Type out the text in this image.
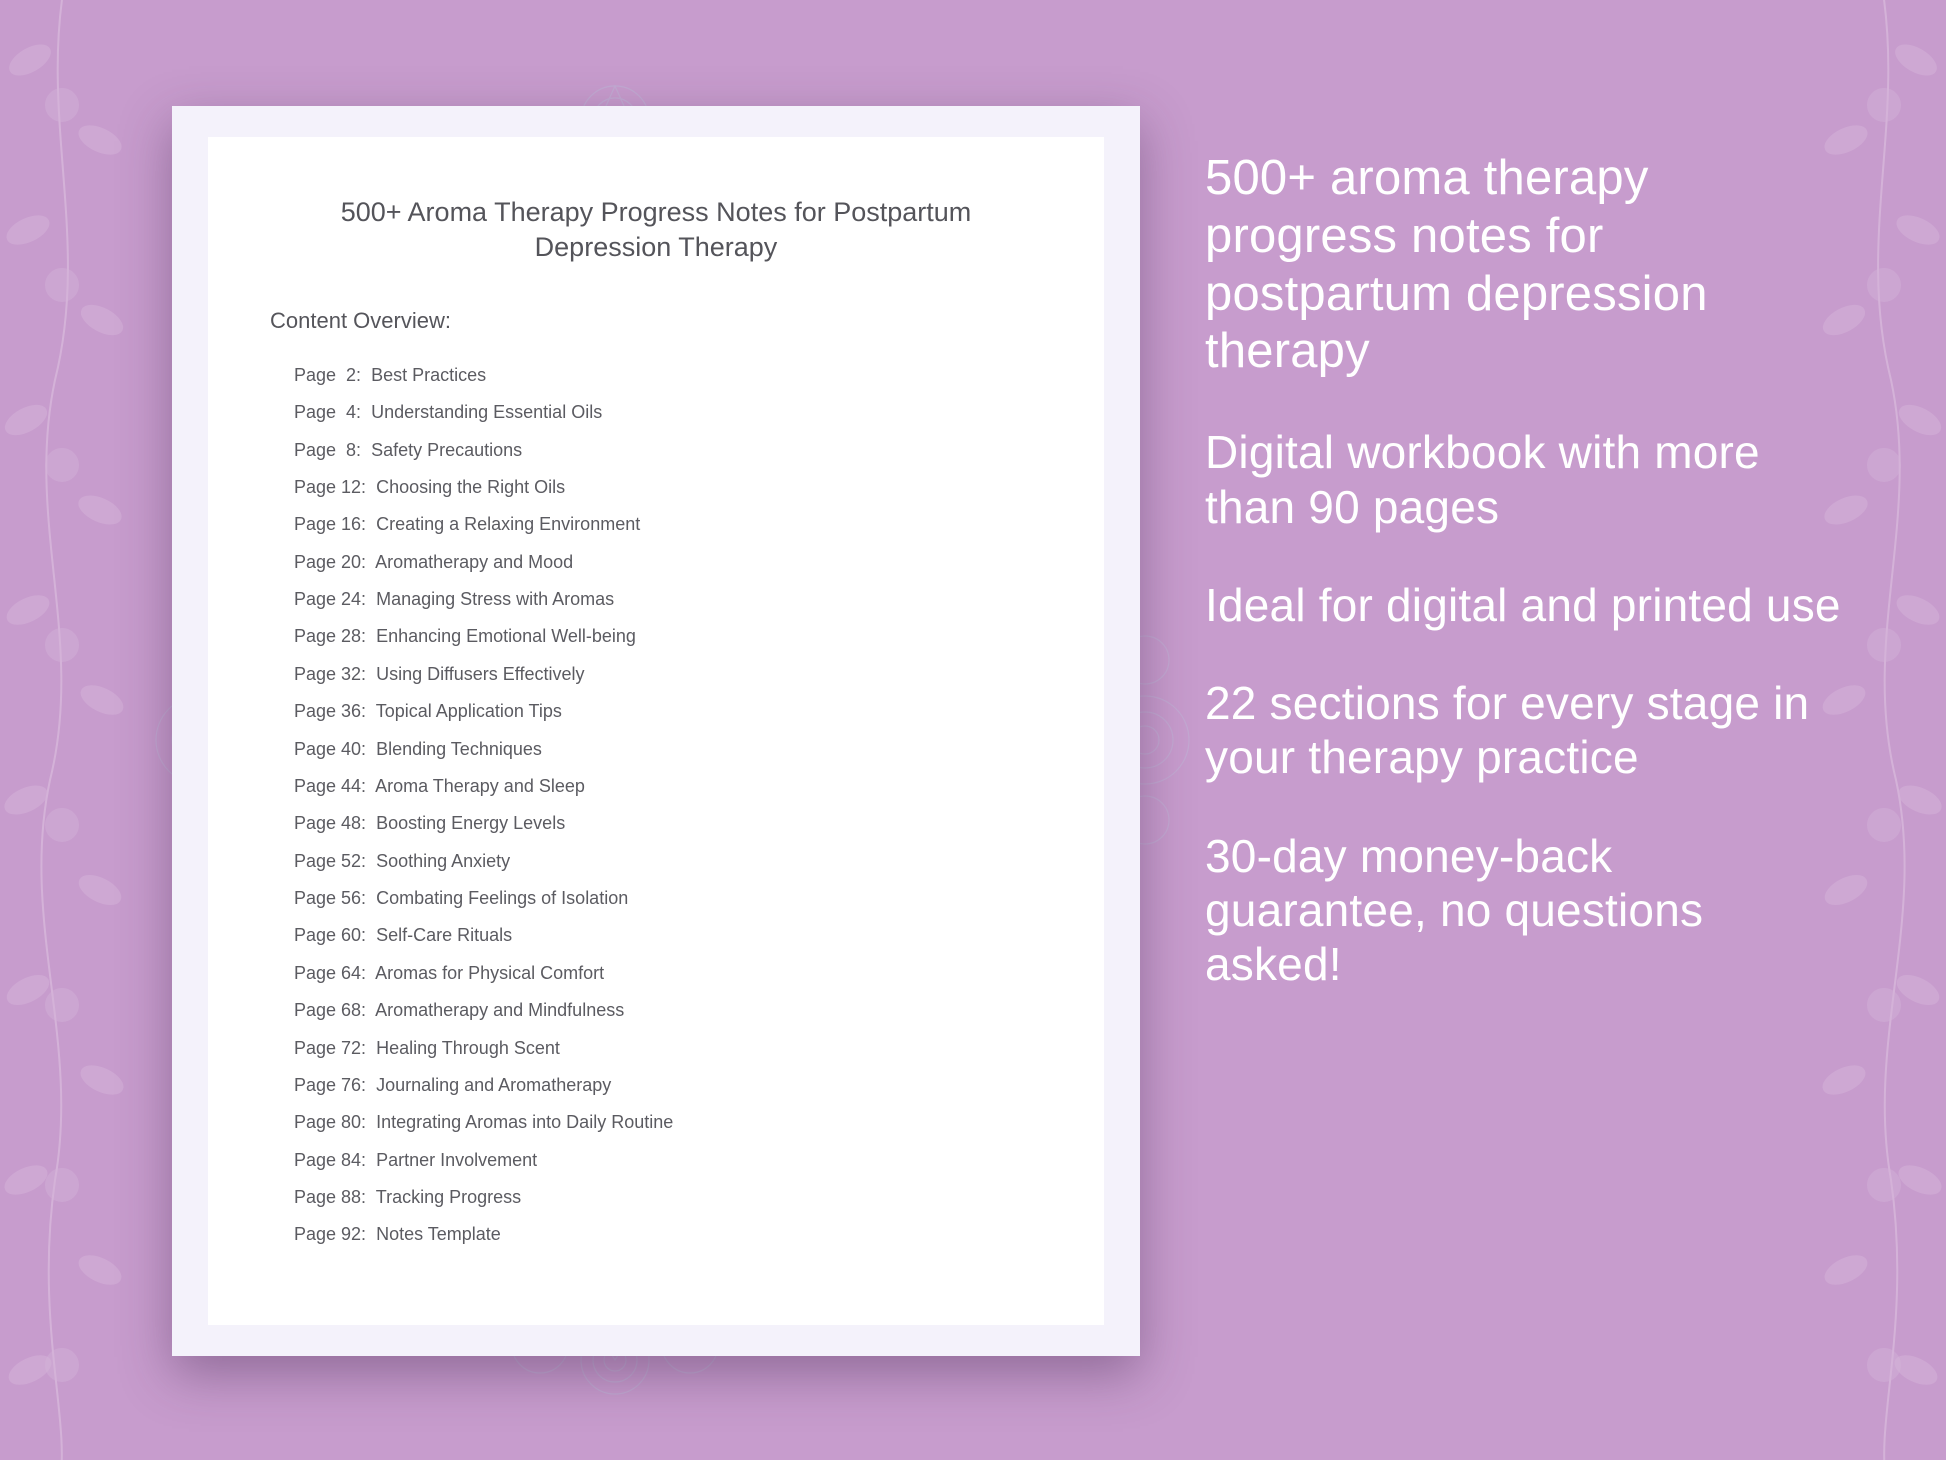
500+ Aroma Therapy Progress Notes for Postpartum Depression Therapy
Content Overview:
Page  2: Best Practices
Page  4: Understanding Essential Oils
Page  8: Safety Precautions
Page 12: Choosing the Right Oils
Page 16: Creating a Relaxing Environment
Page 20: Aromatherapy and Mood
Page 24: Managing Stress with Aromas
Page 28: Enhancing Emotional Well-being
Page 32: Using Diffusers Effectively
Page 36: Topical Application Tips
Page 40: Blending Techniques
Page 44: Aroma Therapy and Sleep
Page 48: Boosting Energy Levels
Page 52: Soothing Anxiety
Page 56: Combating Feelings of Isolation
Page 60: Self-Care Rituals
Page 64: Aromas for Physical Comfort
Page 68: Aromatherapy and Mindfulness
Page 72: Healing Through Scent
Page 76: Journaling and Aromatherapy
Page 80: Integrating Aromas into Daily Routine
Page 84: Partner Involvement
Page 88: Tracking Progress
Page 92: Notes Template

500+ aroma therapy progress notes for postpartum depression therapy

Digital workbook with more than 90 pages

Ideal for digital and printed use

22 sections for every stage in your therapy practice

30-day money-back guarantee, no questions asked!
